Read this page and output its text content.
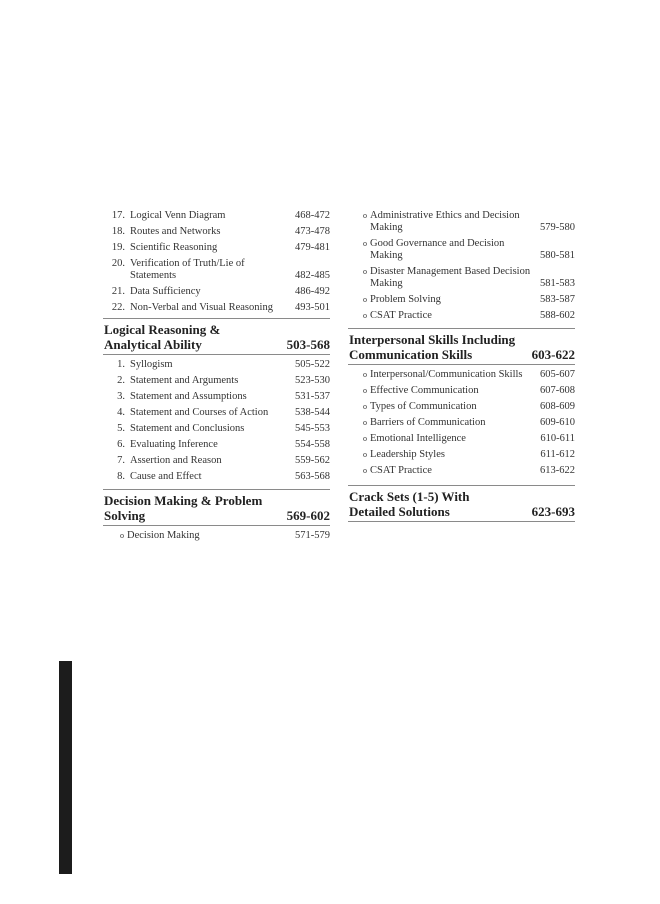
17. Logical Venn Diagram	468-472
18. Routes and Networks	473-478
19. Scientific Reasoning	479-481
20. Verification of Truth/Lie of
Statements	482-485
21. Data Sufficiency	486-492
22. Non-Verbal and Visual Reasoning	493-501
Logical Reasoning &
Analytical Ability	503-568
1. Syllogism	505-522
2. Statement and Arguments	523-530
3. Statement and Assumptions	531-537
4. Statement and Courses of Action	538-544
5. Statement and Conclusions	545-553
6. Evaluating Inference	554-558
7. Assertion and Reason	559-562
8. Cause and Effect	563-568
Decision Making & Problem
Solving	569-602
o Decision Making	571-579
o Administrative Ethics and Decision
Making	579-580
o Good Governance and Decision
Making	580-581
o Disaster Management Based Decision
Making	581-583
o Problem Solving	583-587
o CSAT Practice	588-602
Interpersonal Skills Including
Communication Skills	603-622
o Interpersonal/Communication Skills	605-607
o Effective Communication	607-608
o Types of Communication	608-609
o Barriers of Communication	609-610
o Emotional Intelligence	610-611
o Leadership Styles	611-612
o CSAT Practice	613-622
Crack Sets (1-5) With
Detailed Solutions	623-693
